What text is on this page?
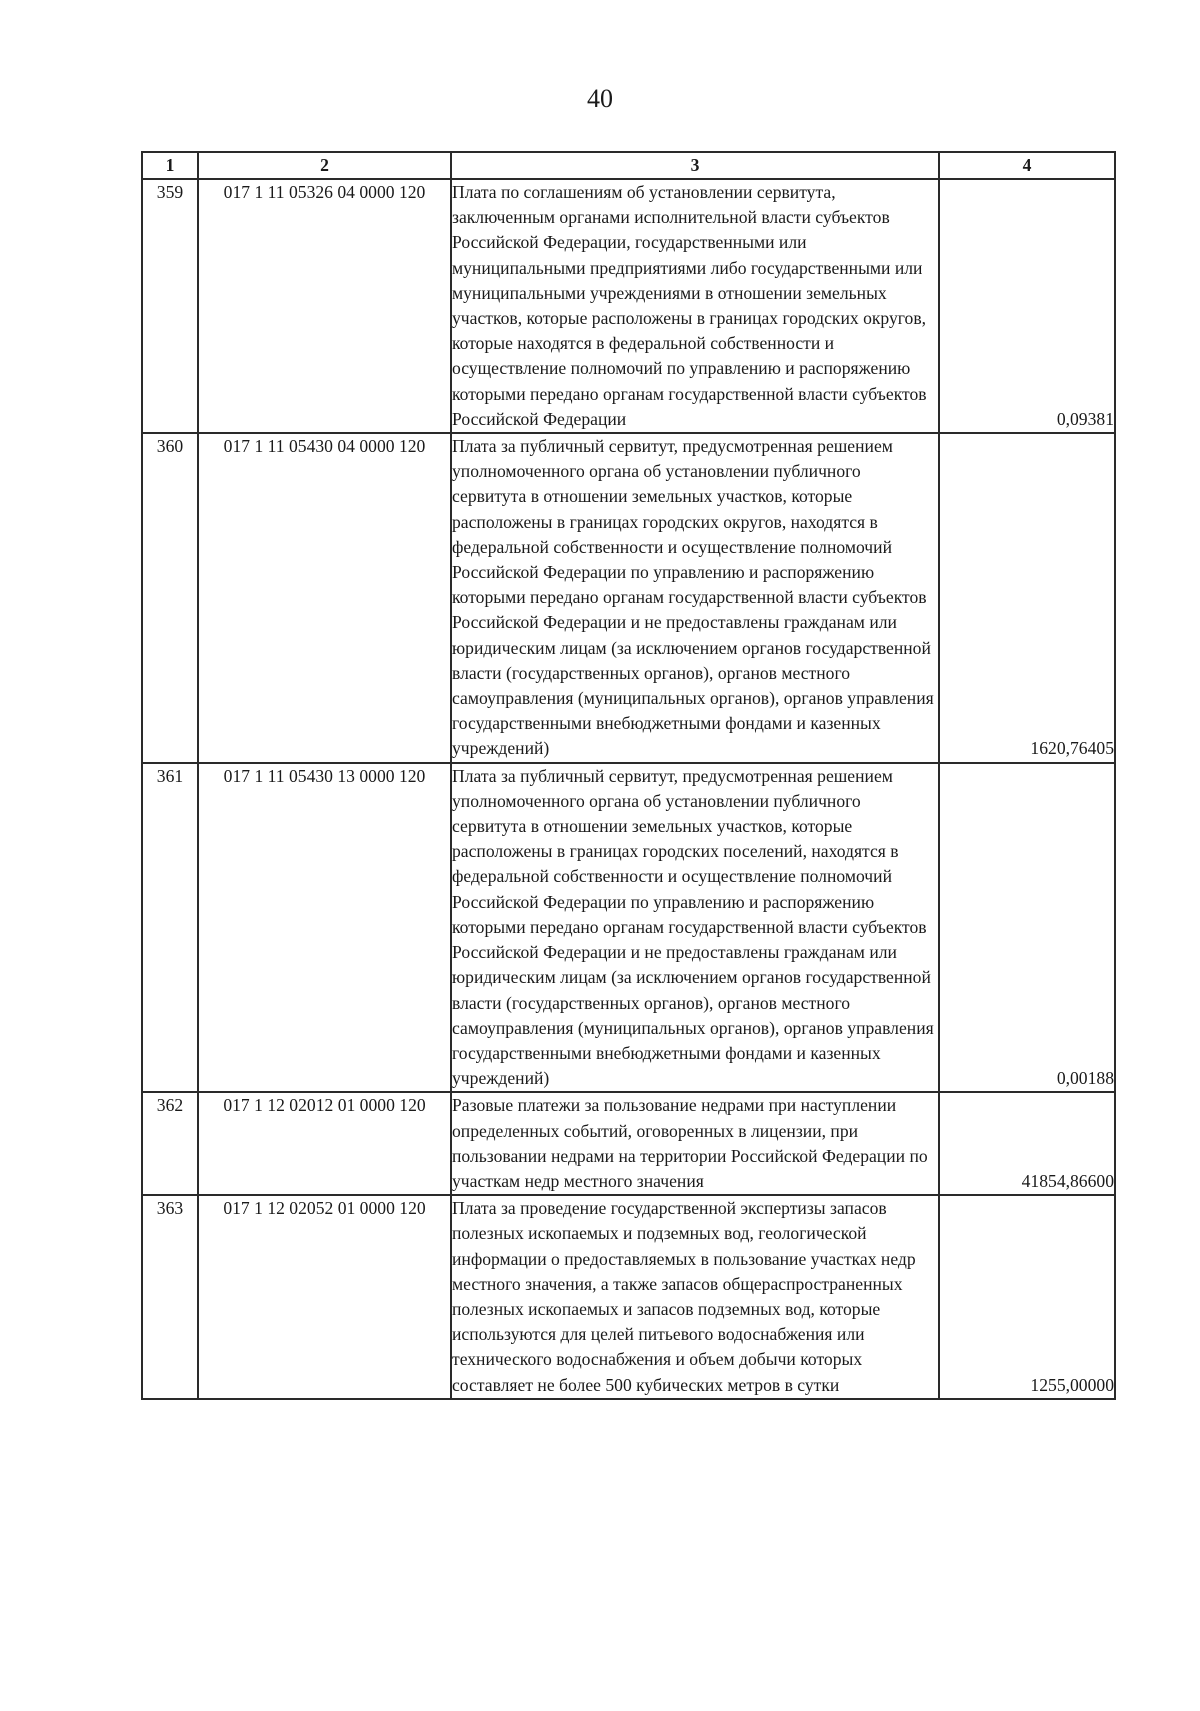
40
1	2	3	4
359	017 1 11 05326 04 0000 120	Плата по соглашениям об установлении сервитута, заключенным органами исполнительной власти субъектов Российской Федерации, государственными или муниципальными предприятиями либо государственными или муниципальными учреждениями в отношении земельных участков, которые расположены в границах городских округов, которые находятся в федеральной собственности и осуществление полномочий по управлению и распоряжению которыми передано органам государственной власти субъектов Российской Федерации	0,09381
360	017 1 11 05430 04 0000 120	Плата за публичный сервитут, предусмотренная решением уполномоченного органа об установлении публичного сервитута в отношении земельных участков, которые расположены в границах городских округов, находятся в федеральной собственности и осуществление полномочий Российской Федерации по управлению и распоряжению которыми передано органам государственной власти субъектов Российской Федерации и не предоставлены гражданам или юридическим лицам (за исключением органов государственной власти (государственных органов), органов местного самоуправления (муниципальных органов), органов управления государственными внебюджетными фондами и казенных учреждений)	1620,76405
361	017 1 11 05430 13 0000 120	Плата за публичный сервитут, предусмотренная решением уполномоченного органа об установлении публичного сервитута в отношении земельных участков, которые расположены в границах городских поселений, находятся в федеральной собственности и осуществление полномочий Российской Федерации по управлению и распоряжению которыми передано органам государственной власти субъектов Российской Федерации и не предоставлены гражданам или юридическим лицам (за исключением органов государственной власти (государственных органов), органов местного самоуправления (муниципальных органов), органов управления государственными внебюджетными фондами и казенных учреждений)	0,00188
362	017 1 12 02012 01 0000 120	Разовые платежи за пользование недрами при наступлении определенных событий, оговоренных в лицензии, при пользовании недрами на территории Российской Федерации по участкам недр местного значения	41854,86600
363	017 1 12 02052 01 0000 120	Плата за проведение государственной экспертизы запасов полезных ископаемых и подземных вод, геологической информации о предоставляемых в пользование участках недр местного значения, а также запасов общераспространенных полезных ископаемых и запасов подземных вод, которые используются для целей питьевого водоснабжения или технического водоснабжения и объем добычи которых составляет не более 500 кубических метров в сутки	1255,00000
